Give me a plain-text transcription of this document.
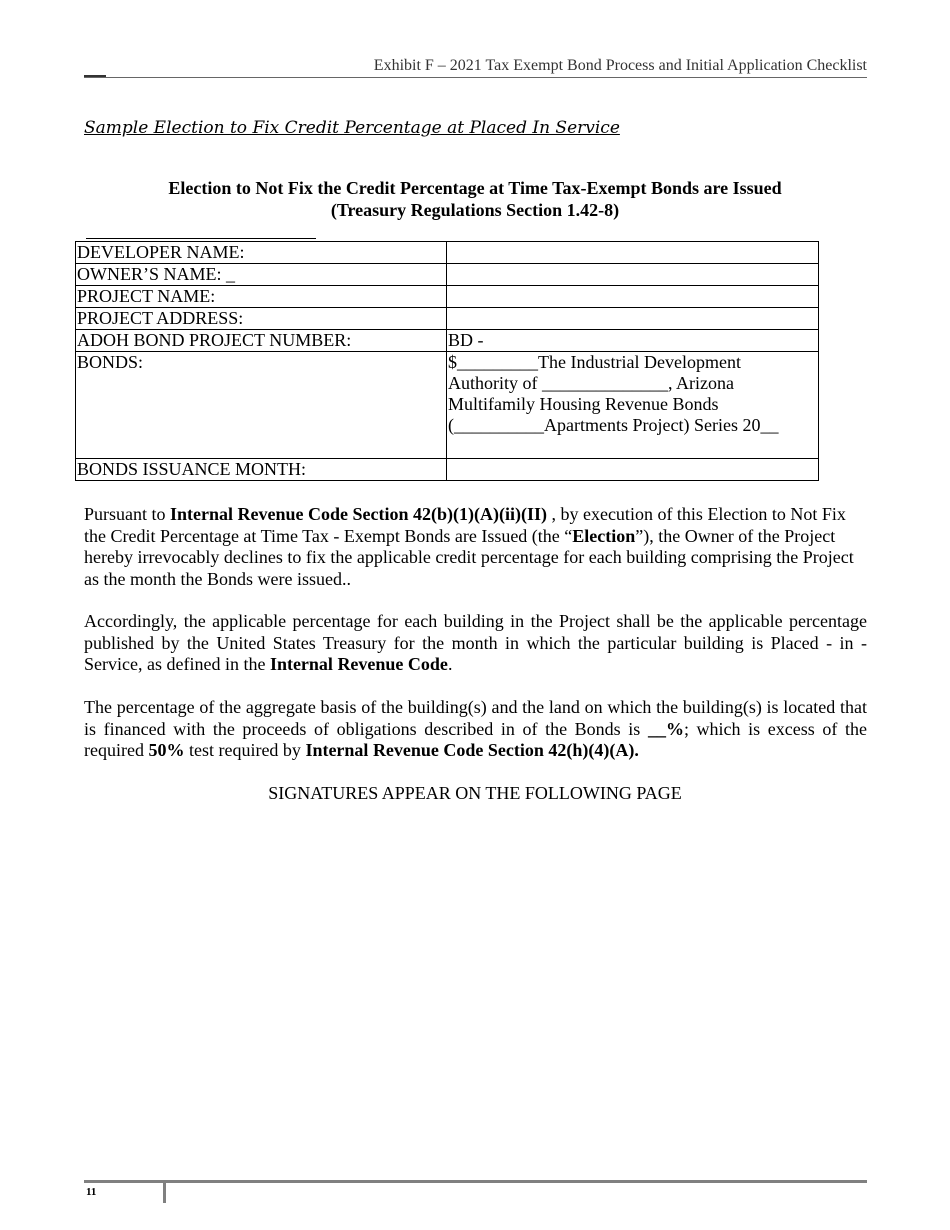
Exhibit F – 2021 Tax Exempt Bond Process and Initial Application Checklist
Sample Election to Fix Credit Percentage at Placed In Service
Election to Not Fix the Credit Percentage at Time Tax-Exempt Bonds are Issued
(Treasury Regulations Section 1.42-8)
DEVELOPER NAME:	
OWNER’S NAME: _	
PROJECT NAME:	
PROJECT ADDRESS:	
ADOH BOND PROJECT NUMBER:	BD -
BONDS:	$_________The Industrial Development
Authority of ______________, Arizona
Multifamily Housing Revenue Bonds
(__________Apartments Project) Series 20__

BONDS ISSUANCE MONTH:	
Pursuant to Internal Revenue Code Section 42(b)(1)(A)(ii)(II) , by execution of this Election to Not Fix the Credit Percentage at Time Tax - Exempt Bonds are Issued (the “Election”), the Owner of the Project hereby irrevocably declines to fix the applicable credit percentage for each building comprising the Project as the month the Bonds were issued..
Accordingly, the applicable percentage for each building in the Project shall be the applicable percentage published by the United States Treasury for the month in which the particular building is Placed - in - Service, as defined in the Internal Revenue Code.
The percentage of the aggregate basis of the building(s) and the land on which the building(s) is located that is financed with the proceeds of obligations described in of the Bonds is __%; which is excess of the required 50% test required by Internal Revenue Code Section 42(h)(4)(A).
SIGNATURES APPEAR ON THE FOLLOWING PAGE
11
